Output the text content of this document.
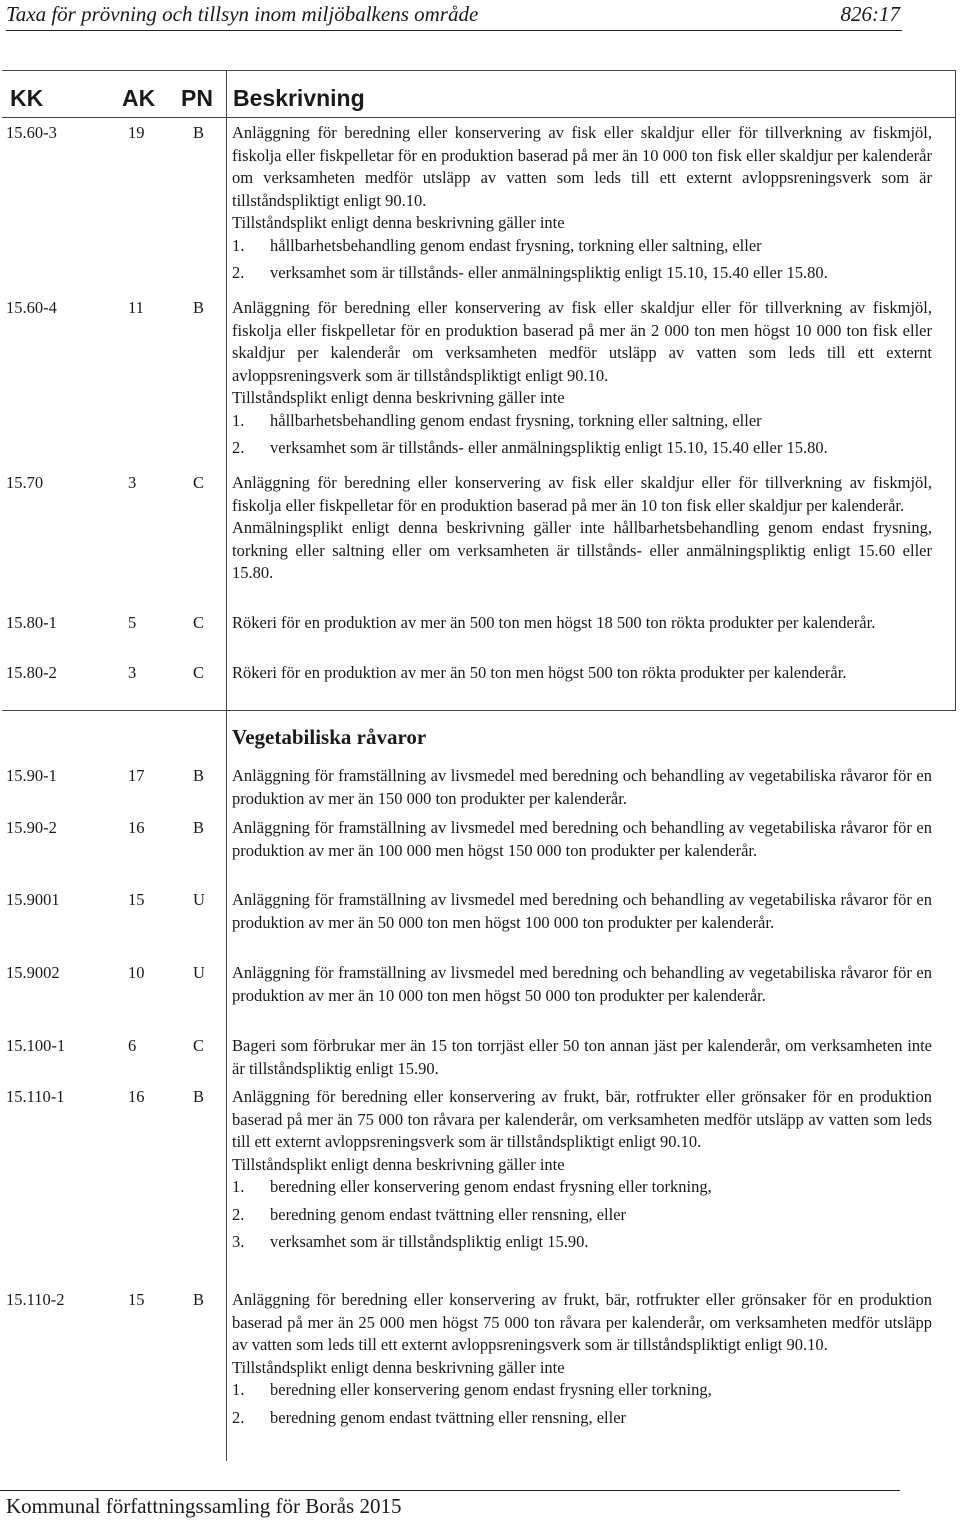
Taxa för prövning och tillsyn inom miljöbalkens område	826:17
KK	AK PN Beskrivning
Vegetabiliska råvaror
15.60-3	19	B Anläggning för beredning eller konservering av fisk eller skaldjur eller för tillverkning av fiskmjöl, fiskolja eller fiskpelletar för en produktion baserad på mer än 10 000 ton fisk eller skaldjur per kalenderår om verksamheten medför utsläpp av vatten som leds till ett externt avloppsreningsverk som är tillståndspliktigt enligt 90.10.

Tillståndsplikt enligt denna beskrivning gäller inte

1.	hållbarhetsbehandling genom endast frysning, torkning eller saltning, eller
2.	verksamhet som är tillstånds- eller anmälningspliktig enligt 15.10, 15.40 eller 15.80.
15.60-4	11	B Anläggning för beredning eller konservering av fisk eller skaldjur eller för tillverkning av fiskmjöl, fiskolja eller fiskpelletar för en produktion baserad på mer än 2 000 ton men högst 10 000 ton fisk eller skaldjur per kalenderår om verksamheten medför utsläpp av vatten som leds till ett externt avloppsreningsverk som är tillståndspliktigt enligt 90.10.

Tillståndsplikt enligt denna beskrivning gäller inte

1.	hållbarhetsbehandling genom endast frysning, torkning eller saltning, eller
2.	verksamhet som är tillstånds- eller anmälningspliktig enligt 15.10, 15.40 eller 15.80.
15.70	3	C Anläggning för beredning eller konservering av fisk eller skaldjur eller för tillverkning av fiskmjöl, fiskolja eller fiskpelletar för en produktion baserad på mer än 10 ton fisk eller skaldjur per kalenderår.

Anmälningsplikt enligt denna beskrivning gäller inte hållbarhetsbehandling genom endast frysning, torkning eller saltning eller om verksamheten är tillstånds- eller anmälningspliktig enligt 15.60 eller 15.80.

15.80-1	5	C Rökeri för en produktion av mer än 500 ton men högst 18 500 ton rökta produkter per kalenderår.

15.80-2	3	C Rökeri för en produktion av mer än 50 ton men högst 500 ton rökta produkter per kalenderår.

15.90-1	17	B Anläggning för framställning av livsmedel med beredning och behandling av vegetabiliska råvaror för en produktion av mer än 150 000 ton produkter per kalenderår.

15.90-2	16	B Anläggning för framställning av livsmedel med beredning och behandling av vegetabiliska råvaror för en produktion av mer än 100 000 men högst 150 000 ton produkter per kalenderår.

15.9001	15	U Anläggning för framställning av livsmedel med beredning och behandling av vegetabiliska råvaror för en produktion av mer än 50 000 ton men högst 100 000 ton produkter per kalenderår.

15.9002	10	U Anläggning för framställning av livsmedel med beredning och behandling av vegetabiliska råvaror för en produktion av mer än 10 000 ton men högst 50 000 ton produkter per kalenderår.

15.100-1	6	C Bageri som förbrukar mer än 15 ton torrjäst eller 50 ton annan jäst per kalenderår, om verksamheten inte är tillståndspliktig enligt 15.90.

15.110-1	16	B Anläggning för beredning eller konservering av frukt, bär, rotfrukter eller grönsaker för en produktion baserad på mer än 75 000 ton råvara per kalenderår, om verksamheten medför utsläpp av vatten som leds till ett externt avloppsreningsverk som är tillståndspliktigt enligt 90.10.

Tillståndsplikt enligt denna beskrivning gäller inte

1.	beredning eller konservering genom endast frysning eller torkning,
2.	beredning genom endast tvättning eller rensning, eller
3.	verksamhet som är tillståndspliktig enligt 15.90.
15.110-2	15	B Anläggning för beredning eller konservering av frukt, bär, rotfrukter eller grönsaker för en produktion baserad på mer än 25 000 men högst 75 000 ton råvara per kalenderår, om verksamheten medför utsläpp av vatten som leds till ett externt avloppsreningsverk som är tillståndspliktigt enligt 90.10.

Tillståndsplikt enligt denna beskrivning gäller inte

1.	beredning eller konservering genom endast frysning eller torkning,
2.	beredning genom endast tvättning eller rensning, eller
Kommunal författningssamling för Borås 2015
